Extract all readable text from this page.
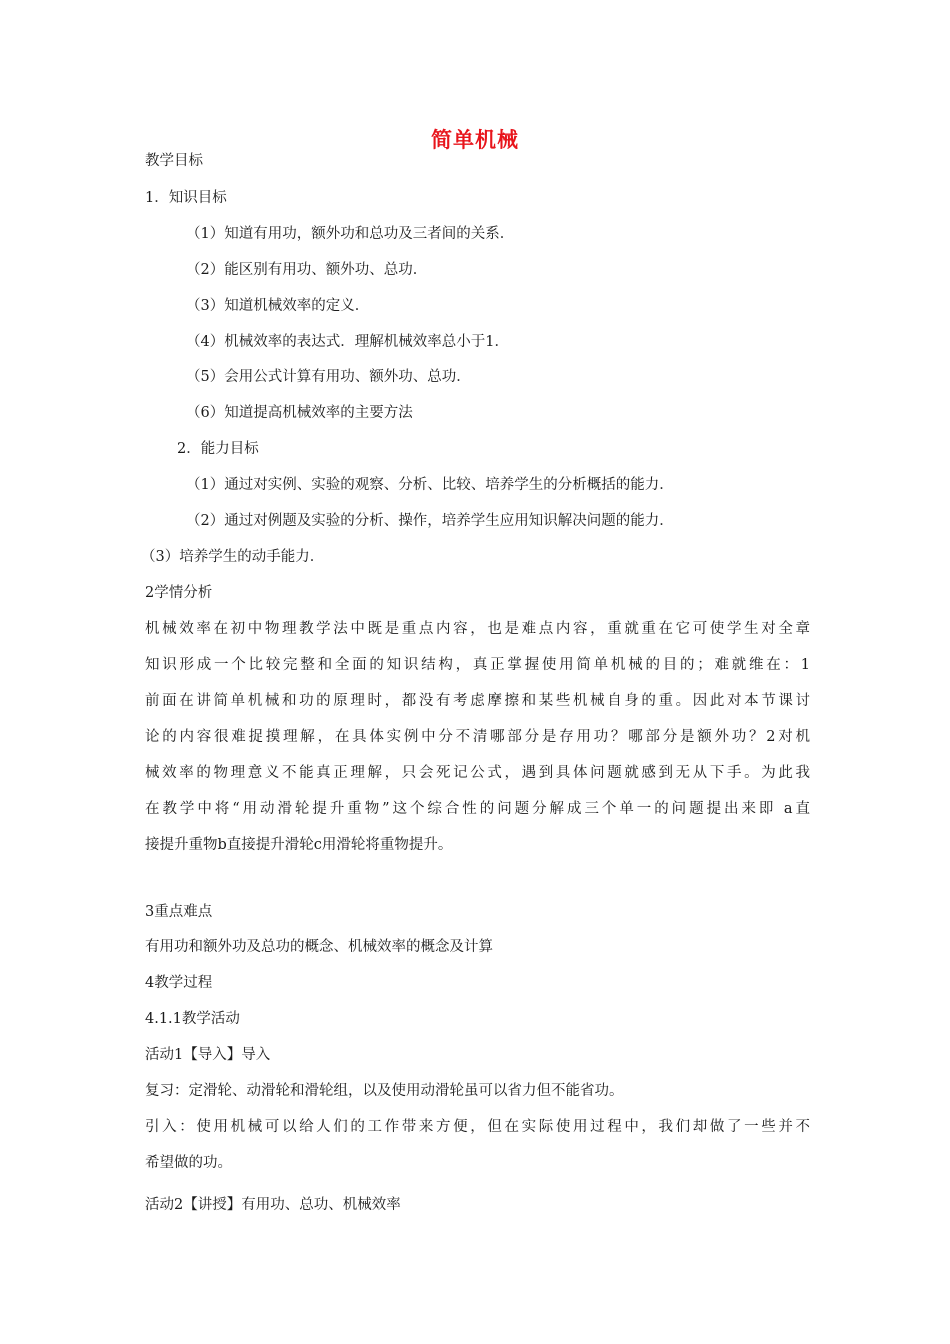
简单机械
教学目标
1．知识目标
（1）知道有用功，额外功和总功及三者间的关系．
（2）能区别有用功、额外功、总功．
（3）知道机械效率的定义．
（4）机械效率的表达式．理解机械效率总小于1．
（5）会用公式计算有用功、额外功、总功．
（6）知道提高机械效率的主要方法
2．能力目标
（1）通过对实例、实验的观察、分析、比较、培养学生的分析概括的能力．
（2）通过对例题及实验的分析、操作，培养学生应用知识解决问题的能力．
（3）培养学生的动手能力．
2学情分析
机械效率在初中物理教学法中既是重点内容，也是难点内容，重就重在它可使学生对全章
知识形成一个比较完整和全面的知识结构，真正掌握使用简单机械的目的；难就维在：1
前面在讲简单机械和功的原理时，都没有考虑摩擦和某些机械自身的重。因此对本节课讨
论的内容很难捉摸理解，在具体实例中分不清哪部分是存用功？哪部分是额外功？2对机
械效率的物理意义不能真正理解，只会死记公式，遇到具体问题就感到无从下手。为此我
在教学中将“用动滑轮提升重物”这个综合性的问题分解成三个单一的问题提出来即 a直
接提升重物b直接提升滑轮c用滑轮将重物提升。
3重点难点
有用功和额外功及总功的概念、机械效率的概念及计算
4教学过程
4.1.1教学活动
活动1【导入】导入
复习：定滑轮、动滑轮和滑轮组，以及使用动滑轮虽可以省力但不能省功。
引入：使用机械可以给人们的工作带来方便，但在实际使用过程中，我们却做了一些并不
希望做的功。
活动2【讲授】有用功、总功、机械效率
